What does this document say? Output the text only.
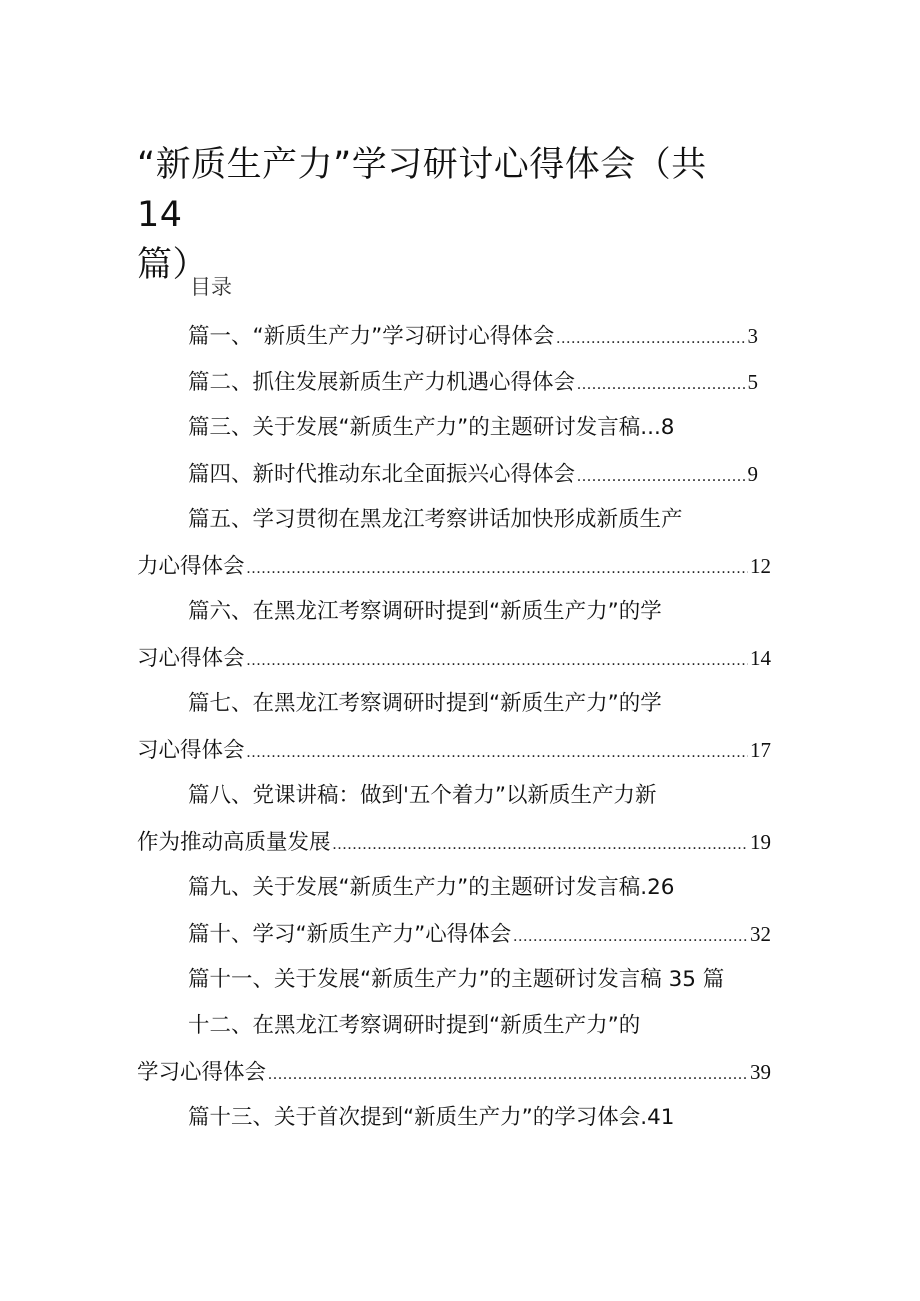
“新质生产力”学习研讨心得体会（共 14
篇）
目录
篇一、“新质生产力”学习研讨心得体会 .....	3
篇二、抓住发展新质生产力机遇心得体会 .....	5
篇三、关于发展“新质生产力”的主题研讨发言稿...8
篇四、新时代推动东北全面振兴心得体会 .....	9
篇五、学习贯彻在黑龙江考察讲话加快形成新质生产
力心得体会 .....	12
篇六、在黑龙江考察调研时提到“新质生产力”的学
习心得体会 .....	14
篇七、在黑龙江考察调研时提到“新质生产力”的学
习心得体会 .....	17
篇八、党课讲稿：做到'五个着力”以新质生产力新
作为推动高质量发展 .....	19
篇九、关于发展“新质生产力”的主题研讨发言稿.26
篇十、学习“新质生产力”心得体会 .....	32
篇十一、关于发展“新质生产力”的主题研讨发言稿 35 篇
十二、在黑龙江考察调研时提到“新质生产力”的
学习心得体会 .....	39
篇十三、关于首次提到“新质生产力”的学习体会.41
